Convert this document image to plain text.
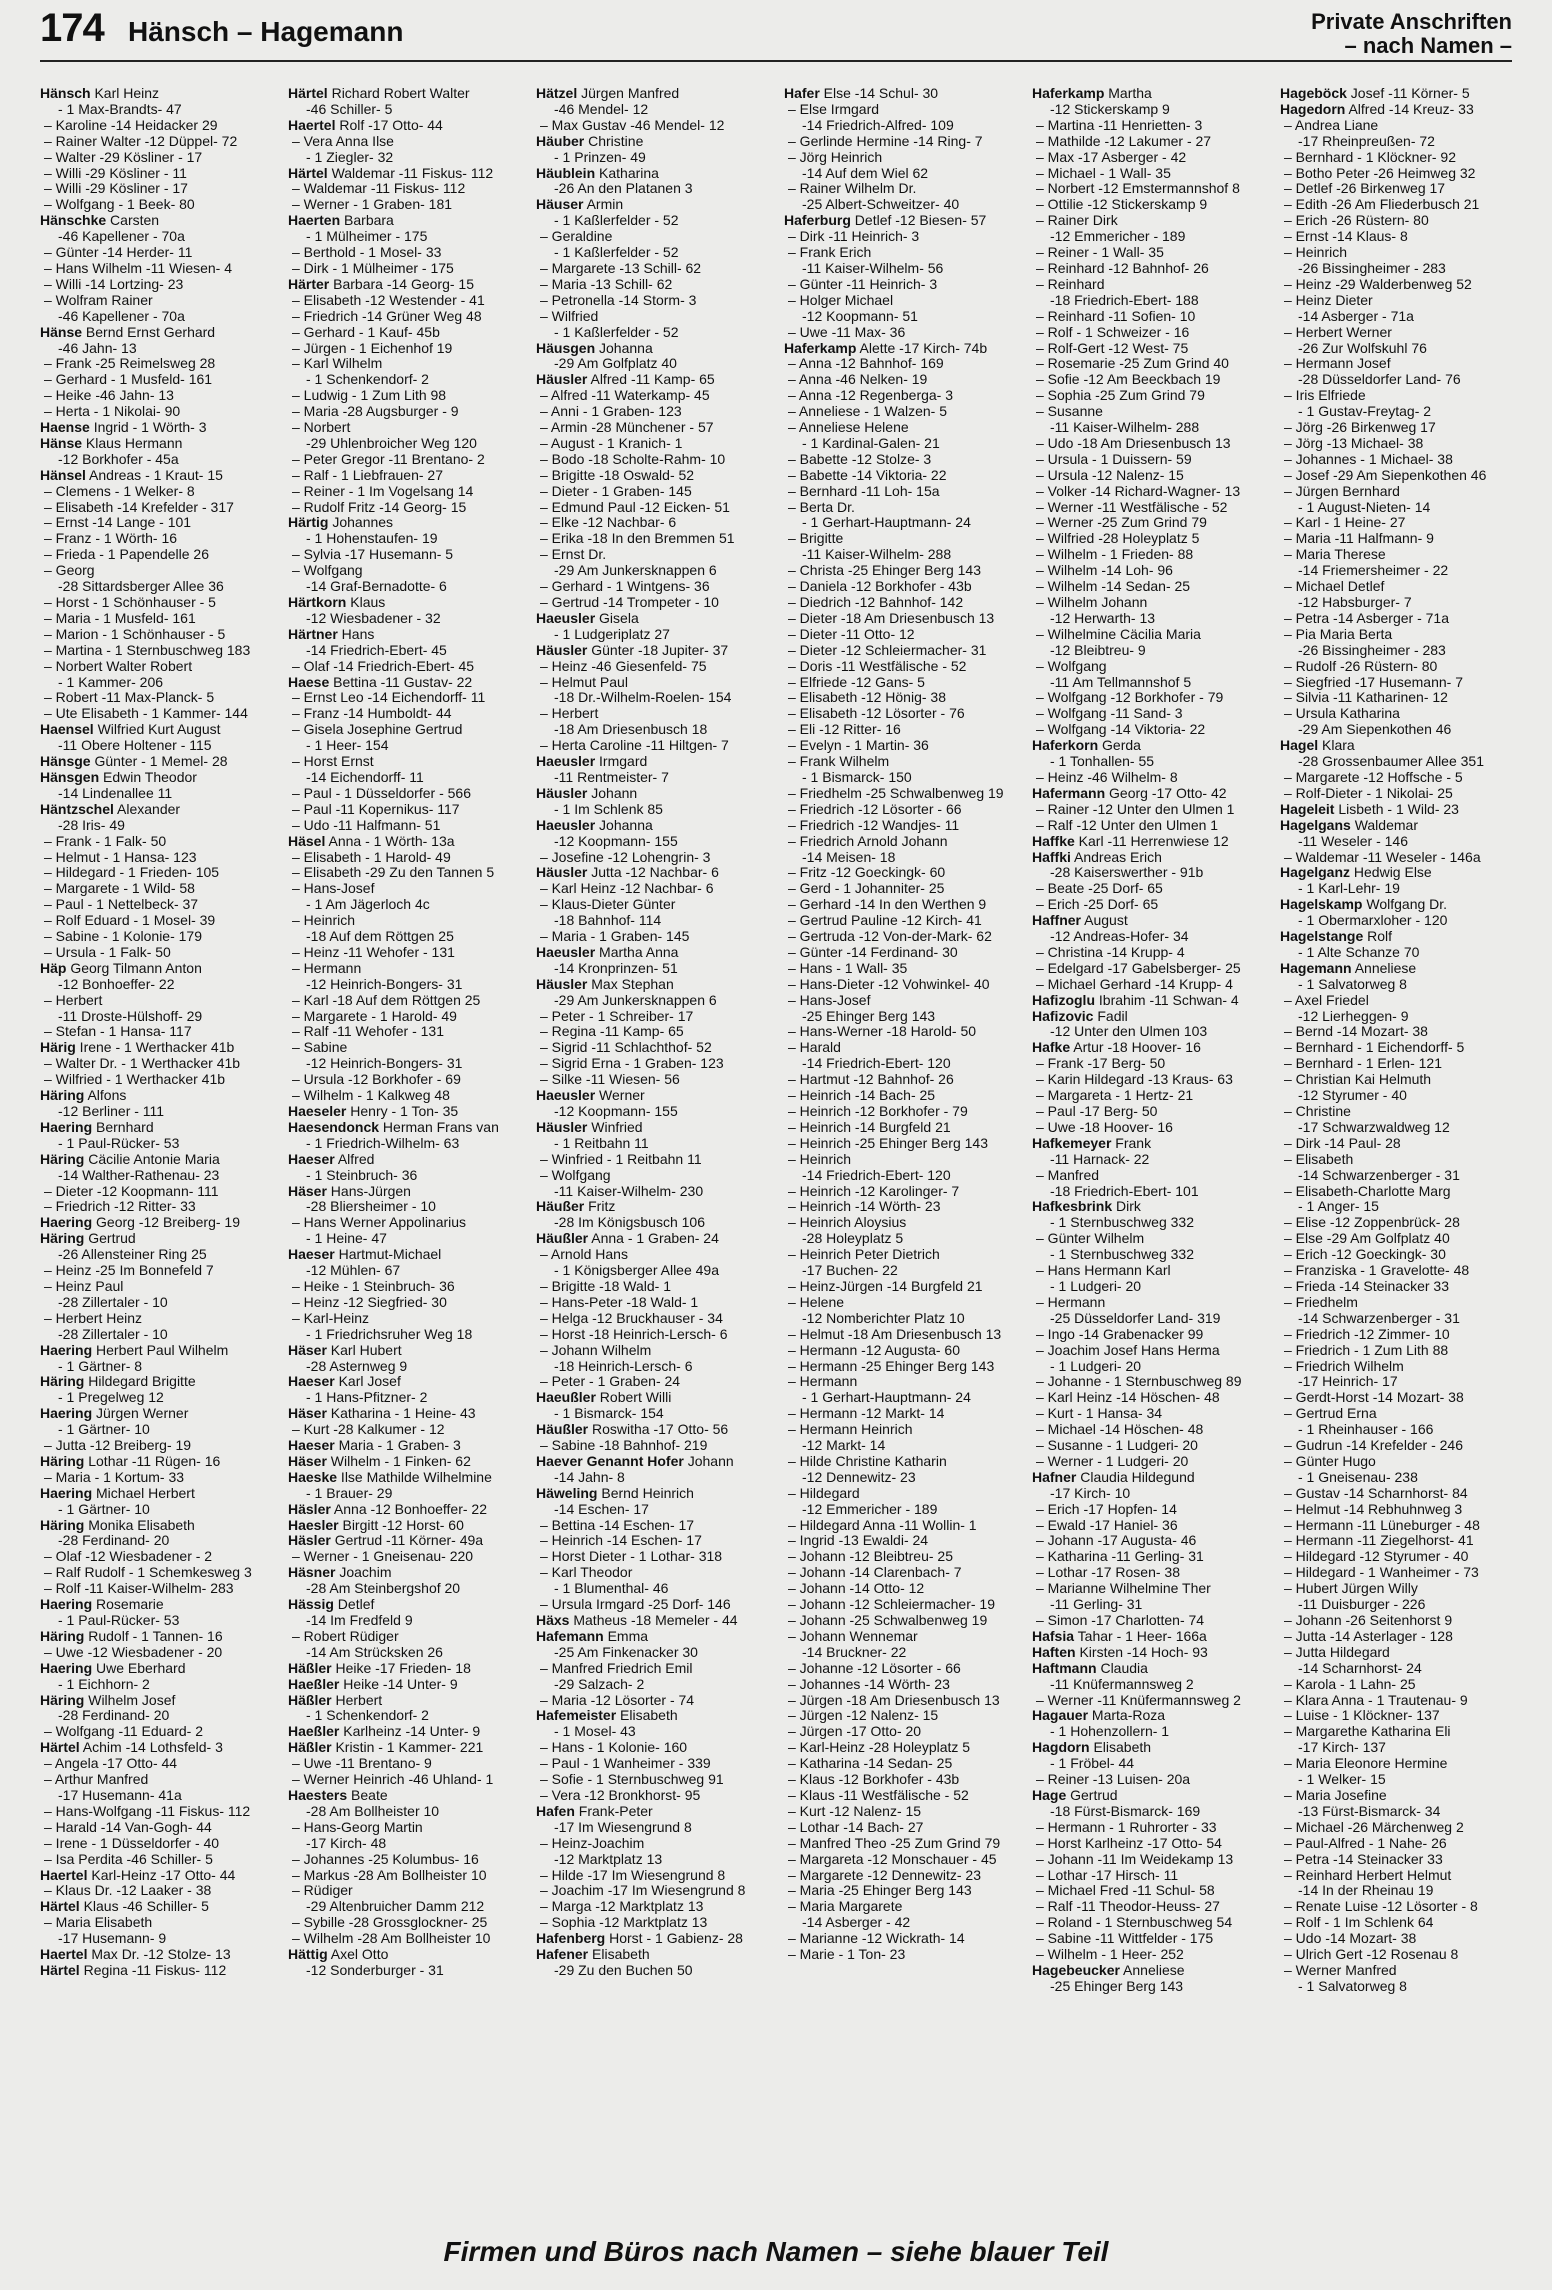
174 Hänsch – Hagemann	Private Anschriften
– nach Namen –
Hänsch Karl Heinz
- 1 Max-Brandts- 47
– Karoline -14 Heidacker 29
– Rainer Walter -12 Düppel- 72
– Walter -29 Kösliner - 17
– Willi -29 Kösliner - 11
– Willi -29 Kösliner - 17
– Wolfgang - 1 Beek- 80
Hänschke Carsten
-46 Kapellener - 70a
– Günter -14 Herder- 11
– Hans Wilhelm -11 Wiesen- 4
– Willi -14 Lortzing- 23
– Wolfram Rainer
-46 Kapellener - 70a
Hänse Bernd Ernst Gerhard
-46 Jahn- 13
– Frank -25 Reimelsweg 28
– Gerhard - 1 Musfeld- 161
– Heike -46 Jahn- 13
– Herta - 1 Nikolai- 90
Haense Ingrid - 1 Wörth- 3
Hänse Klaus Hermann
-12 Borkhofer - 45a
Hänsel Andreas - 1 Kraut- 15
– Clemens - 1 Welker- 8
– Elisabeth -14 Krefelder - 317
– Ernst -14 Lange - 101
– Franz - 1 Wörth- 16
– Frieda - 1 Papendelle 26
– Georg
-28 Sittardsberger Allee 36
– Horst - 1 Schönhauser - 5
– Maria - 1 Musfeld- 161
– Marion - 1 Schönhauser - 5
– Martina - 1 Sternbuschweg 183
– Norbert Walter Robert
- 1 Kammer- 206
– Robert -11 Max-Planck- 5
– Ute Elisabeth - 1 Kammer- 144
Haensel Wilfried Kurt August
-11 Obere Holtener - 115
Hänsge Günter - 1 Memel- 28
Hänsgen Edwin Theodor
-14 Lindenallee 11
Häntzschel Alexander
-28 Iris- 49
– Frank - 1 Falk- 50
– Helmut - 1 Hansa- 123
– Hildegard - 1 Frieden- 105
– Margarete - 1 Wild- 58
– Paul - 1 Nettelbeck- 37
– Rolf Eduard - 1 Mosel- 39
– Sabine - 1 Kolonie- 179
– Ursula - 1 Falk- 50
Häp Georg Tilmann Anton
-12 Bonhoeffer- 22
– Herbert
-11 Droste-Hülshoff- 29
– Stefan - 1 Hansa- 117
Härig Irene - 1 Werthacker 41b
– Walter Dr. - 1 Werthacker 41b
– Wilfried - 1 Werthacker 41b
Häring Alfons
-12 Berliner - 111
Haering Bernhard
- 1 Paul-Rücker- 53
Häring Cäcilie Antonie Maria
-14 Walther-Rathenau- 23
– Dieter -12 Koopmann- 111
– Friedrich -12 Ritter- 33
Haering Georg -12 Breiberg- 19
Häring Gertrud
-26 Allensteiner Ring 25
– Heinz -25 Im Bonnefeld 7
– Heinz Paul
-28 Zillertaler - 10
– Herbert Heinz
-28 Zillertaler - 10
Haering Herbert Paul Wilhelm
- 1 Gärtner- 8
Häring Hildegard Brigitte
- 1 Pregelweg 12
Haering Jürgen Werner
- 1 Gärtner- 10
– Jutta -12 Breiberg- 19
Häring Lothar -11 Rügen- 16
– Maria - 1 Kortum- 33
Haering Michael Herbert
- 1 Gärtner- 10
Häring Monika Elisabeth
-28 Ferdinand- 20
– Olaf -12 Wiesbadener - 2
– Ralf Rudolf - 1 Schemkesweg 3
– Rolf -11 Kaiser-Wilhelm- 283
Haering Rosemarie
- 1 Paul-Rücker- 53
Häring Rudolf - 1 Tannen- 16
– Uwe -12 Wiesbadener - 20
Haering Uwe Eberhard
- 1 Eichhorn- 2
Häring Wilhelm Josef
-28 Ferdinand- 20
– Wolfgang -11 Eduard- 2
Härtel Achim -14 Lothsfeld- 3
– Angela -17 Otto- 44
– Arthur Manfred
-17 Husemann- 41a
– Hans-Wolfgang -11 Fiskus- 112
– Harald -14 Van-Gogh- 44
– Irene - 1 Düsseldorfer - 40
– Isa Perdita -46 Schiller- 5
Haertel Karl-Heinz -17 Otto- 44
– Klaus Dr. -12 Laaker - 38
Härtel Klaus -46 Schiller- 5
– Maria Elisabeth
-17 Husemann- 9
Haertel Max Dr. -12 Stolze- 13
Härtel Regina -11 Fiskus- 112
Härtel Richard Robert Walter
-46 Schiller- 5
Haertel Rolf -17 Otto- 44
– Vera Anna Ilse
- 1 Ziegler- 32
Härtel Waldemar -11 Fiskus- 112
– Waldemar -11 Fiskus- 112
– Werner - 1 Graben- 181
Haerten Barbara
- 1 Mülheimer - 175
– Berthold - 1 Mosel- 33
– Dirk - 1 Mülheimer - 175
Härter Barbara -14 Georg- 15
– Elisabeth -12 Westender - 41
– Friedrich -14 Grüner Weg 48
– Gerhard - 1 Kauf- 45b
– Jürgen - 1 Eichenhof 19
– Karl Wilhelm
- 1 Schenkendorf- 2
– Ludwig - 1 Zum Lith 98
– Maria -28 Augsburger - 9
– Norbert
-29 Uhlenbroicher Weg 120
– Peter Gregor -11 Brentano- 2
– Ralf - 1 Liebfrauen- 27
– Reiner - 1 Im Vogelsang 14
– Rudolf Fritz -14 Georg- 15
Härtig Johannes
- 1 Hohenstaufen- 19
– Sylvia -17 Husemann- 5
– Wolfgang
-14 Graf-Bernadotte- 6
Härtkorn Klaus
-12 Wiesbadener - 32
Härtner Hans
-14 Friedrich-Ebert- 45
– Olaf -14 Friedrich-Ebert- 45
Haese Bettina -11 Gustav- 22
– Ernst Leo -14 Eichendorff- 11
– Franz -14 Humboldt- 44
– Gisela Josephine Gertrud
- 1 Heer- 154
– Horst Ernst
-14 Eichendorff- 11
– Paul - 1 Düsseldorfer - 566
– Paul -11 Kopernikus- 117
– Udo -11 Halfmann- 51
Häsel Anna - 1 Wörth- 13a
– Elisabeth - 1 Harold- 49
– Elisabeth -29 Zu den Tannen 5
– Hans-Josef
- 1 Am Jägerloch 4c
– Heinrich
-18 Auf dem Röttgen 25
– Heinz -11 Wehofer - 131
– Hermann
-12 Heinrich-Bongers- 31
– Karl -18 Auf dem Röttgen 25
– Margarete - 1 Harold- 49
– Ralf -11 Wehofer - 131
– Sabine
-12 Heinrich-Bongers- 31
– Ursula -12 Borkhofer - 69
– Wilhelm - 1 Kalkweg 48
Haeseler Henry - 1 Ton- 35
Haesendonck Herman Frans van
- 1 Friedrich-Wilhelm- 63
Haeser Alfred
- 1 Steinbruch- 36
Häser Hans-Jürgen
-28 Bliersheimer - 10
– Hans Werner Appolinarius
- 1 Heine- 47
Haeser Hartmut-Michael
-12 Mühlen- 67
– Heike - 1 Steinbruch- 36
– Heinz -12 Siegfried- 30
– Karl-Heinz
- 1 Friedrichsruher Weg 18
Häser Karl Hubert
-28 Asternweg 9
Haeser Karl Josef
- 1 Hans-Pfitzner- 2
Häser Katharina - 1 Heine- 43
– Kurt -28 Kalkumer - 12
Haeser Maria - 1 Graben- 3
Häser Wilhelm - 1 Finken- 62
Haeske Ilse Mathilde Wilhelmine
- 1 Brauer- 29
Häsler Anna -12 Bonhoeffer- 22
Haesler Birgitt -12 Horst- 60
Häsler Gertrud -11 Körner- 49a
– Werner - 1 Gneisenau- 220
Häsner Joachim
-28 Am Steinbergshof 20
Hässig Detlef
-14 Im Fredfeld 9
– Robert Rüdiger
-14 Am Strücksken 26
Häßler Heike -17 Frieden- 18
Haeßler Heike -14 Unter- 9
Häßler Herbert
- 1 Schenkendorf- 2
Haeßler Karlheinz -14 Unter- 9
Häßler Kristin - 1 Kammer- 221
– Uwe -11 Brentano- 9
– Werner Heinrich -46 Uhland- 1
Haesters Beate
-28 Am Bollheister 10
– Hans-Georg Martin
-17 Kirch- 48
– Johannes -25 Kolumbus- 16
– Markus -28 Am Bollheister 10
– Rüdiger
-29 Altenbruicher Damm 212
– Sybille -28 Grossglockner- 25
– Wilhelm -28 Am Bollheister 10
Hättig Axel Otto
-12 Sonderburger - 31
Hätzel Jürgen Manfred
-46 Mendel- 12
– Max Gustav -46 Mendel- 12
Häuber Christine
- 1 Prinzen- 49
Häublein Katharina
-26 An den Platanen 3
Häuser Armin
- 1 Kaßlerfelder - 52
– Geraldine
- 1 Kaßlerfelder - 52
– Margarete -13 Schill- 62
– Maria -13 Schill- 62
– Petronella -14 Storm- 3
– Wilfried
- 1 Kaßlerfelder - 52
Häusgen Johanna
-29 Am Golfplatz 40
Häusler Alfred -11 Kamp- 65
– Alfred -11 Waterkamp- 45
– Anni - 1 Graben- 123
– Armin -28 Münchener - 57
– August - 1 Kranich- 1
– Bodo -18 Scholte-Rahm- 10
– Brigitte -18 Oswald- 52
– Dieter - 1 Graben- 145
– Edmund Paul -12 Eicken- 51
– Elke -12 Nachbar- 6
– Erika -18 In den Bremmen 51
– Ernst Dr.
-29 Am Junkersknappen 6
– Gerhard - 1 Wintgens- 36
– Gertrud -14 Trompeter - 10
Haeusler Gisela
- 1 Ludgeriplatz 27
Häusler Günter -18 Jupiter- 37
– Heinz -46 Giesenfeld- 75
– Helmut Paul
-18 Dr.-Wilhelm-Roelen- 154
– Herbert
-18 Am Driesenbusch 18
– Herta Caroline -11 Hiltgen- 7
Haeusler Irmgard
-11 Rentmeister- 7
Häusler Johann
- 1 Im Schlenk 85
Haeusler Johanna
-12 Koopmann- 155
– Josefine -12 Lohengrin- 3
Häusler Jutta -12 Nachbar- 6
– Karl Heinz -12 Nachbar- 6
– Klaus-Dieter Günter
-18 Bahnhof- 114
– Maria - 1 Graben- 145
Haeusler Martha Anna
-14 Kronprinzen- 51
Häusler Max Stephan
-29 Am Junkersknappen 6
– Peter - 1 Schreiber- 17
– Regina -11 Kamp- 65
– Sigrid -11 Schlachthof- 52
– Sigrid Erna - 1 Graben- 123
– Silke -11 Wiesen- 56
Haeusler Werner
-12 Koopmann- 155
Häusler Winfried
- 1 Reitbahn 11
– Winfried - 1 Reitbahn 11
– Wolfgang
-11 Kaiser-Wilhelm- 230
Häußer Fritz
-28 Im Königsbusch 106
Häußler Anna - 1 Graben- 24
– Arnold Hans
- 1 Königsberger Allee 49a
– Brigitte -18 Wald- 1
– Hans-Peter -18 Wald- 1
– Helga -12 Bruckhauser - 34
– Horst -18 Heinrich-Lersch- 6
– Johann Wilhelm
-18 Heinrich-Lersch- 6
– Peter - 1 Graben- 24
Haeußler Robert Willi
- 1 Bismarck- 154
Häußler Roswitha -17 Otto- 56
– Sabine -18 Bahnhof- 219
Haever Genannt Hofer Johann
-14 Jahn- 8
Häweling Bernd Heinrich
-14 Eschen- 17
– Bettina -14 Eschen- 17
– Heinrich -14 Eschen- 17
– Horst Dieter - 1 Lothar- 318
– Karl Theodor
- 1 Blumenthal- 46
– Ursula Irmgard -25 Dorf- 146
Häxs Matheus -18 Memeler - 44
Hafemann Emma
-25 Am Finkenacker 30
– Manfred Friedrich Emil
-29 Salzach- 2
– Maria -12 Lösorter - 74
Hafemeister Elisabeth
- 1 Mosel- 43
– Hans - 1 Kolonie- 160
– Paul - 1 Wanheimer - 339
– Sofie - 1 Sternbuschweg 91
– Vera -12 Bronkhorst- 95
Hafen Frank-Peter
-17 Im Wiesengrund 8
– Heinz-Joachim
-12 Marktplatz 13
– Hilde -17 Im Wiesengrund 8
– Joachim -17 Im Wiesengrund 8
– Marga -12 Marktplatz 13
– Sophia -12 Marktplatz 13
Hafenberg Horst - 1 Gabienz- 28
Hafener Elisabeth
-29 Zu den Buchen 50
Hafer Else -14 Schul- 30
– Else Irmgard
-14 Friedrich-Alfred- 109
– Gerlinde Hermine -14 Ring- 7
– Jörg Heinrich
-14 Auf dem Wiel 62
– Rainer Wilhelm Dr.
-25 Albert-Schweitzer- 40
Haferburg Detlef -12 Biesen- 57
– Dirk -11 Heinrich- 3
– Frank Erich
-11 Kaiser-Wilhelm- 56
– Günter -11 Heinrich- 3
– Holger Michael
-12 Koopmann- 51
– Uwe -11 Max- 36
Haferkamp Alette -17 Kirch- 74b
– Anna -12 Bahnhof- 169
– Anna -46 Nelken- 19
– Anna -12 Regenberga- 3
– Anneliese - 1 Walzen- 5
– Anneliese Helene
- 1 Kardinal-Galen- 21
– Babette -12 Stolze- 3
– Babette -14 Viktoria- 22
– Bernhard -11 Loh- 15a
– Berta Dr.
- 1 Gerhart-Hauptmann- 24
– Brigitte
-11 Kaiser-Wilhelm- 288
– Christa -25 Ehinger Berg 143
– Daniela -12 Borkhofer - 43b
– Diedrich -12 Bahnhof- 142
– Dieter -18 Am Driesenbusch 13
– Dieter -11 Otto- 12
– Dieter -12 Schleiermacher- 31
– Doris -11 Westfälische - 52
– Elfriede -12 Gans- 5
– Elisabeth -12 Hönig- 38
– Elisabeth -12 Lösorter - 76
– Eli -12 Ritter- 16
– Evelyn - 1 Martin- 36
– Frank Wilhelm
- 1 Bismarck- 150
– Friedhelm -25 Schwalbenweg 19
– Friedrich -12 Lösorter - 66
– Friedrich -12 Wandjes- 11
– Friedrich Arnold Johann
-14 Meisen- 18
– Fritz -12 Goeckingk- 60
– Gerd - 1 Johanniter- 25
– Gerhard -14 In den Werthen 9
– Gertrud Pauline -12 Kirch- 41
– Gertruda -12 Von-der-Mark- 62
– Günter -14 Ferdinand- 30
– Hans - 1 Wall- 35
– Hans-Dieter -12 Vohwinkel- 40
– Hans-Josef
-25 Ehinger Berg 143
– Hans-Werner -18 Harold- 50
– Harald
-14 Friedrich-Ebert- 120
– Hartmut -12 Bahnhof- 26
– Heinrich -14 Bach- 25
– Heinrich -12 Borkhofer - 79
– Heinrich -14 Burgfeld 21
– Heinrich -25 Ehinger Berg 143
– Heinrich
-14 Friedrich-Ebert- 120
– Heinrich -12 Karolinger- 7
– Heinrich -14 Wörth- 23
– Heinrich Aloysius
-28 Holeyplatz 5
– Heinrich Peter Dietrich
-17 Buchen- 22
– Heinz-Jürgen -14 Burgfeld 21
– Helene
-12 Nomberichter Platz 10
– Helmut -18 Am Driesenbusch 13
– Hermann -12 Augusta- 60
– Hermann -25 Ehinger Berg 143
– Hermann
- 1 Gerhart-Hauptmann- 24
– Hermann -12 Markt- 14
– Hermann Heinrich
-12 Markt- 14
– Hilde Christine Katharin
-12 Dennewitz- 23
– Hildegard
-12 Emmericher - 189
– Hildegard Anna -11 Wollin- 1
– Ingrid -13 Ewaldi- 24
– Johann -12 Bleibtreu- 25
– Johann -14 Clarenbach- 7
– Johann -14 Otto- 12
– Johann -12 Schleiermacher- 19
– Johann -25 Schwalbenweg 19
– Johann Wennemar
-14 Bruckner- 22
– Johanne -12 Lösorter - 66
– Johannes -14 Wörth- 23
– Jürgen -18 Am Driesenbusch 13
– Jürgen -12 Nalenz- 15
– Jürgen -17 Otto- 20
– Karl-Heinz -28 Holeyplatz 5
– Katharina -14 Sedan- 25
– Klaus -12 Borkhofer - 43b
– Klaus -11 Westfälische - 52
– Kurt -12 Nalenz- 15
– Lothar -14 Bach- 27
– Manfred Theo -25 Zum Grind 79
– Margareta -12 Monschauer - 45
– Margarete -12 Dennewitz- 23
– Maria -25 Ehinger Berg 143
– Maria Margarete
-14 Asberger - 42
– Marianne -12 Wickrath- 14
– Marie - 1 Ton- 23
Haferkamp Martha
-12 Stickerskamp 9
– Martina -11 Henrietten- 3
– Mathilde -12 Lakumer - 27
– Max -17 Asberger - 42
– Michael - 1 Wall- 35
– Norbert -12 Emstermannshof 8
– Ottilie -12 Stickerskamp 9
– Rainer Dirk
-12 Emmericher - 189
– Reiner - 1 Wall- 35
– Reinhard -12 Bahnhof- 26
– Reinhard
-18 Friedrich-Ebert- 188
– Reinhard -11 Sofien- 10
– Rolf - 1 Schweizer - 16
– Rolf-Gert -12 West- 75
– Rosemarie -25 Zum Grind 40
– Sofie -12 Am Beeckbach 19
– Sophia -25 Zum Grind 79
– Susanne
-11 Kaiser-Wilhelm- 288
– Udo -18 Am Driesenbusch 13
– Ursula - 1 Duissern- 59
– Ursula -12 Nalenz- 15
– Volker -14 Richard-Wagner- 13
– Werner -11 Westfälische - 52
– Werner -25 Zum Grind 79
– Wilfried -28 Holeyplatz 5
– Wilhelm - 1 Frieden- 88
– Wilhelm -14 Loh- 96
– Wilhelm -14 Sedan- 25
– Wilhelm Johann
-12 Herwarth- 13
– Wilhelmine Cäcilia Maria
-12 Bleibtreu- 9
– Wolfgang
-11 Am Tellmannshof 5
– Wolfgang -12 Borkhofer - 79
– Wolfgang -11 Sand- 3
– Wolfgang -14 Viktoria- 22
Haferkorn Gerda
- 1 Tonhallen- 55
– Heinz -46 Wilhelm- 8
Hafermann Georg -17 Otto- 42
– Rainer -12 Unter den Ulmen 1
– Ralf -12 Unter den Ulmen 1
Haffke Karl -11 Herrenwiese 12
Haffki Andreas Erich
-28 Kaiserswerther - 91b
– Beate -25 Dorf- 65
– Erich -25 Dorf- 65
Haffner August
-12 Andreas-Hofer- 34
– Christina -14 Krupp- 4
– Edelgard -17 Gabelsberger- 25
– Michael Gerhard -14 Krupp- 4
Hafizoglu Ibrahim -11 Schwan- 4
Hafizovic Fadil
-12 Unter den Ulmen 103
Hafke Artur -18 Hoover- 16
– Frank -17 Berg- 50
– Karin Hildegard -13 Kraus- 63
– Margareta - 1 Hertz- 21
– Paul -17 Berg- 50
– Uwe -18 Hoover- 16
Hafkemeyer Frank
-11 Harnack- 22
– Manfred
-18 Friedrich-Ebert- 101
Hafkesbrink Dirk
- 1 Sternbuschweg 332
– Günter Wilhelm
- 1 Sternbuschweg 332
– Hans Hermann Karl
- 1 Ludgeri- 20
– Hermann
-25 Düsseldorfer Land- 319
– Ingo -14 Grabenacker 99
– Joachim Josef Hans Herma
- 1 Ludgeri- 20
– Johanne - 1 Sternbuschweg 89
– Karl Heinz -14 Höschen- 48
– Kurt - 1 Hansa- 34
– Michael -14 Höschen- 48
– Susanne - 1 Ludgeri- 20
– Werner - 1 Ludgeri- 20
Hafner Claudia Hildegund
-17 Kirch- 10
– Erich -17 Hopfen- 14
– Ewald -17 Haniel- 36
– Johann -17 Augusta- 46
– Katharina -11 Gerling- 31
– Lothar -17 Rosen- 38
– Marianne Wilhelmine Ther
-11 Gerling- 31
– Simon -17 Charlotten- 74
Hafsia Tahar - 1 Heer- 166a
Haften Kirsten -14 Hoch- 93
Haftmann Claudia
-11 Knüfermannsweg 2
– Werner -11 Knüfermannsweg 2
Hagauer Marta-Roza
- 1 Hohenzollern- 1
Hagdorn Elisabeth
- 1 Fröbel- 44
– Reiner -13 Luisen- 20a
Hage Gertrud
-18 Fürst-Bismarck- 169
– Hermann - 1 Ruhrorter - 33
– Horst Karlheinz -17 Otto- 54
– Johann -11 Im Weidekamp 13
– Lothar -17 Hirsch- 11
– Michael Fred -11 Schul- 58
– Ralf -11 Theodor-Heuss- 27
– Roland - 1 Sternbuschweg 54
– Sabine -11 Wittfelder - 175
– Wilhelm - 1 Heer- 252
Hagebeucker Anneliese
-25 Ehinger Berg 143
Hageböck Josef -11 Körner- 5
Hagedorn Alfred -14 Kreuz- 33
– Andrea Liane
-17 Rheinpreußen- 72
– Bernhard - 1 Klöckner- 92
– Botho Peter -26 Heimweg 32
– Detlef -26 Birkenweg 17
– Edith -26 Am Fliederbusch 21
– Erich -26 Rüstern- 80
– Ernst -14 Klaus- 8
– Heinrich
-26 Bissingheimer - 283
– Heinz -29 Walderbenweg 52
– Heinz Dieter
-14 Asberger - 71a
– Herbert Werner
-26 Zur Wolfskuhl 76
– Hermann Josef
-28 Düsseldorfer Land- 76
– Iris Elfriede
- 1 Gustav-Freytag- 2
– Jörg -26 Birkenweg 17
– Jörg -13 Michael- 38
– Johannes - 1 Michael- 38
– Josef -29 Am Siepenkothen 46
– Jürgen Bernhard
- 1 August-Nieten- 14
– Karl - 1 Heine- 27
– Maria -11 Halfmann- 9
– Maria Therese
-14 Friemersheimer - 22
– Michael Detlef
-12 Habsburger- 7
– Petra -14 Asberger - 71a
– Pia Maria Berta
-26 Bissingheimer - 283
– Rudolf -26 Rüstern- 80
– Siegfried -17 Husemann- 7
– Silvia -11 Katharinen- 12
– Ursula Katharina
-29 Am Siepenkothen 46
Hagel Klara
-28 Grossenbaumer Allee 351
– Margarete -12 Hoffsche - 5
– Rolf-Dieter - 1 Nikolai- 25
Hageleit Lisbeth - 1 Wild- 23
Hagelgans Waldemar
-11 Weseler - 146
– Waldemar -11 Weseler - 146a
Hagelganz Hedwig Else
- 1 Karl-Lehr- 19
Hagelskamp Wolfgang Dr.
- 1 Obermarxloher - 120
Hagelstange Rolf
- 1 Alte Schanze 70
Hagemann Anneliese
- 1 Salvatorweg 8
– Axel Friedel
-12 Lierheggen- 9
– Bernd -14 Mozart- 38
– Bernhard - 1 Eichendorff- 5
– Bernhard - 1 Erlen- 121
– Christian Kai Helmuth
-12 Styrumer - 40
– Christine
-17 Schwarzwaldweg 12
– Dirk -14 Paul- 28
– Elisabeth
-14 Schwarzenberger - 31
– Elisabeth-Charlotte Marg
- 1 Anger- 15
– Elise -12 Zoppenbrück- 28
– Else -29 Am Golfplatz 40
– Erich -12 Goeckingk- 30
– Franziska - 1 Gravelotte- 48
– Frieda -14 Steinacker 33
– Friedhelm
-14 Schwarzenberger - 31
– Friedrich -12 Zimmer- 10
– Friedrich - 1 Zum Lith 88
– Friedrich Wilhelm
-17 Heinrich- 17
– Gerdt-Horst -14 Mozart- 38
– Gertrud Erna
- 1 Rheinhauser - 166
– Gudrun -14 Krefelder - 246
– Günter Hugo
- 1 Gneisenau- 238
– Gustav -14 Scharnhorst- 84
– Helmut -14 Rebhuhnweg 3
– Hermann -11 Lüneburger - 48
– Hermann -11 Ziegelhorst- 41
– Hildegard -12 Styrumer - 40
– Hildegard - 1 Wanheimer - 73
– Hubert Jürgen Willy
-11 Duisburger - 226
– Johann -26 Seitenhorst 9
– Jutta -14 Asterlager - 128
– Jutta Hildegard
-14 Scharnhorst- 24
– Karola - 1 Lahn- 25
– Klara Anna - 1 Trautenau- 9
– Luise - 1 Klöckner- 137
– Margarethe Katharina Eli
-17 Kirch- 137
– Maria Eleonore Hermine
- 1 Welker- 15
– Maria Josefine
-13 Fürst-Bismarck- 34
– Michael -26 Märchenweg 2
– Paul-Alfred - 1 Nahe- 26
– Petra -14 Steinacker 33
– Reinhard Herbert Helmut
-14 In der Rheinau 19
– Renate Luise -12 Lösorter - 8
– Rolf - 1 Im Schlenk 64
– Udo -14 Mozart- 38
– Ulrich Gert -12 Rosenau 8
– Werner Manfred
- 1 Salvatorweg 8
Firmen und Büros nach Namen – siehe blauer Teil
